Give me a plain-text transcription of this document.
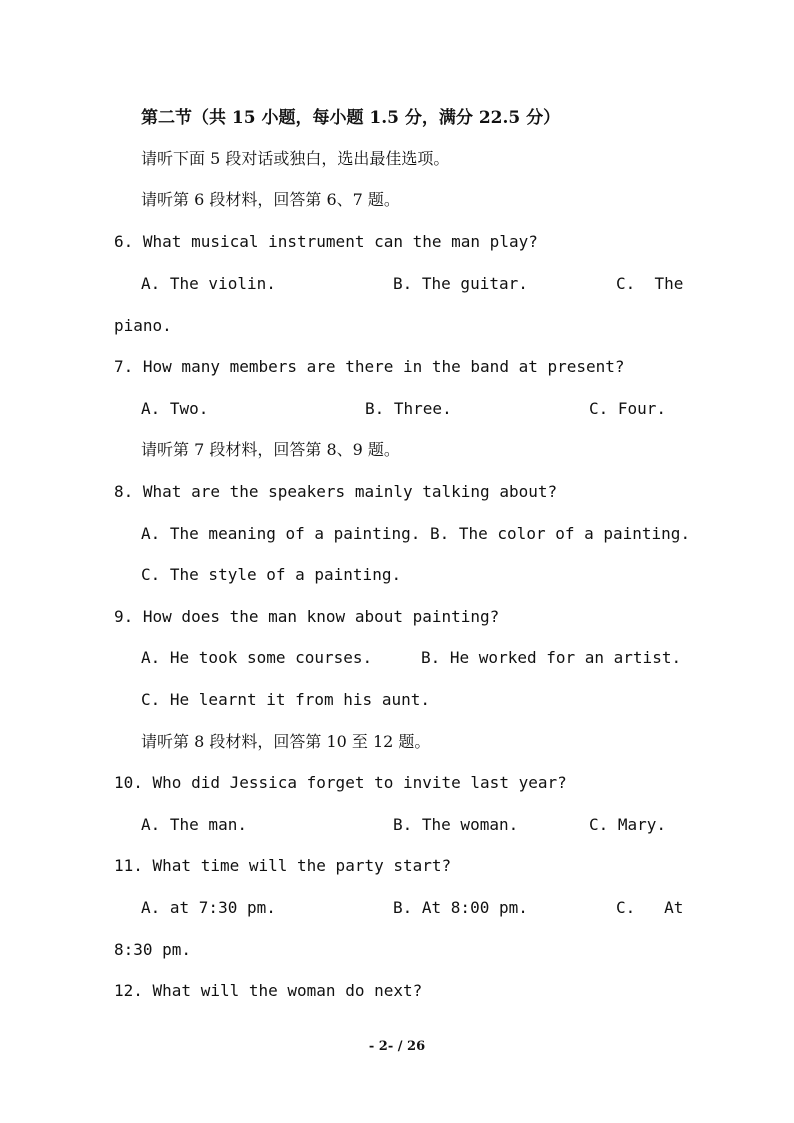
第二节（共 15 小题，每小题 1.5 分，满分 22.5 分）
请听下面 5 段对话或独白，选出最佳选项。
请听第 6 段材料，回答第 6、7 题。
6. What musical instrument can the man play?
A. The violin.	B. The guitar.	C.  The
piano.
7. How many members are there in the band at present?
A. Two.	B. Three.	C. Four.
请听第 7 段材料，回答第 8、9 题。
8. What are the speakers mainly talking about?
A. The meaning of a painting. B. The color of a painting.
C. The style of a painting.
9. How does the man know about painting?
A. He took some courses.	B. He worked for an artist.
C. He learnt it from his aunt.
请听第 8 段材料，回答第 10 至 12 题。
10. Who did Jessica forget to invite last year?
A. The man.	B. The woman.	C. Mary.
11. What time will the party start?
A. at 7:30 pm.	B. At 8:00 pm.	C.   At
8:30 pm.
12. What will the woman do next?
- 2- / 26
